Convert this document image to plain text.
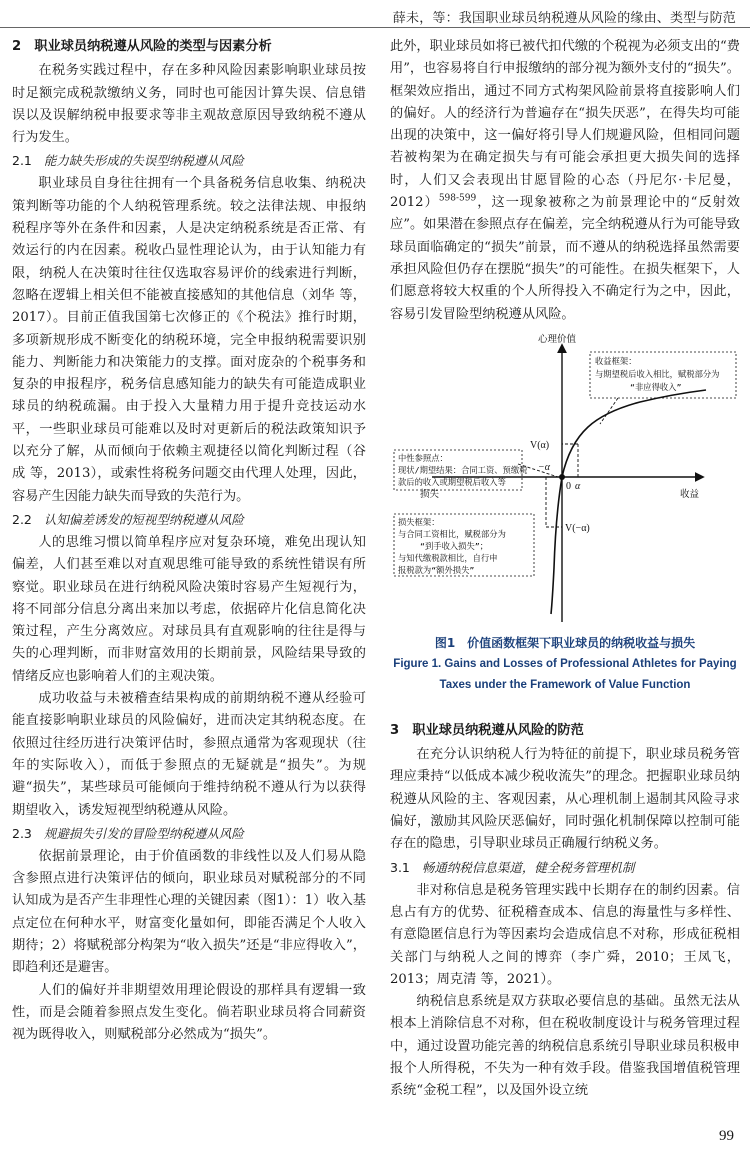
薛未，等：我国职业球员纳税遵从风险的缘由、类型与防范
2　职业球员纳税遵从风险的类型与因素分析

在税务实践过程中，存在多种风险因素影响职业球员按时足额完成税款缴纳义务，同时也可能因计算失误、信息错误以及误解纳税申报要求等非主观故意原因导致纳税不遵从行为发生。

2.1 能力缺失形成的失误型纳税遵从风险

职业球员自身往往拥有一个具备税务信息收集、纳税决策判断等功能的个人纳税管理系统。较之法律法规、申报纳税程序等外在条件和因素，人是决定纳税系统是否正常、有效运行的内在因素。税收凸显性理论认为，由于认知能力有限，纳税人在决策时往往仅选取容易评价的线索进行判断，忽略在逻辑上相关但不能被直接感知的其他信息（刘华 等，2017）。目前正值我国第七次修正的《个税法》推行时期，多项新规形成不断变化的纳税环境，完全申报纳税需要识别能力、判断能力和决策能力的支撑。面对庞杂的个税事务和复杂的申报程序，税务信息感知能力的缺失有可能造成职业球员的纳税疏漏。由于投入大量精力用于提升竞技运动水平，一些职业球员可能难以及时对更新后的税法政策知识予以充分了解，从而倾向于依赖主观捷径以简化判断过程（谷成 等，2013），或索性将税务问题交由代理人处理，因此，容易产生因能力缺失而导致的失范行为。

2.2 认知偏差诱发的短视型纳税遵从风险

人的思维习惯以简单程序应对复杂环境，难免出现认知偏差，人们甚至难以对直观思维可能导致的系统性错误有所察觉。职业球员在进行纳税风险决策时容易产生短视行为，将不同部分信息分离出来加以考虑，依据碎片化信息简化决策过程，产生分离效应。对球员具有直观影响的往往是得与失的心理判断，而非财富效用的长期前景，风险结果导致的情绪反应也影响着人们的主观决策。

成功收益与未被稽查结果构成的前期纳税不遵从经验可能直接影响职业球员的风险偏好，进而决定其纳税态度。在依照过往经历进行决策评估时，参照点通常为客观现状（往年的实际收入），而低于参照点的无疑就是“损失”。为规避“损失”，某些球员可能倾向于维持纳税不遵从行为以获得期望收入，诱发短视型纳税遵从风险。

2.3 规避损失引发的冒险型纳税遵从风险

依据前景理论，由于价值函数的非线性以及人们易从隐含参照点进行决策评估的倾向，职业球员对赋税部分的不同认知成为是否产生非理性心理的关键因素（图1）：1）收入基点定位在何种水平，财富变化量如何，即能否满足个人收入期待；2）将赋税部分构架为“收入损失”还是“非应得收入”，即趋利还是避害。

人们的偏好并非期望效用理论假设的那样具有逻辑一致性，而是会随着参照点发生变化。倘若职业球员将合同薪资视为既得收入，则赋税部分必然成为“损失”。

此外，职业球员如将已被代扣代缴的个税视为必须支出的“费用”，也容易将自行申报缴纳的部分视为额外支付的“损失”。框架效应指出，通过不同方式构架风险前景将直接影响人们的偏好。人的经济行为普遍存在“损失厌恶”，在得失均可能出现的决策中，这一偏好将引导人们规避风险，但相同问题若被构架为在确定损失与有可能会承担更大损失间的选择时，人们又会表现出甘愿冒险的心态（丹尼尔·卡尼曼，2012）$^{598-599}$，这一现象被称之为前景理论中的“反射效应”。如果潜在参照点存在偏差，完全纳税遵从行为可能导致球员面临确定的“损失”前景，而不遵从的纳税选择虽然需要承担风险但仍存在摆脱“损失”的可能性。在损失框架下，人们愿意将较大权重的个人所得投入不确定行为之中，因此，容易引发冒险型纳税遵从风险。

心理价值
损失	收益
0
V(α)
V(−α)
α
−α
收益框架：
与期望税后收入相比，赋税部分为
“非应得收入”
中性参照点：
现状/期望结果：合同工资、预缴税
款后的收入或期望税后收入等
损失框架：
与合同工资相比，赋税部分为
“到手收入损失”；
与知代缴税款相比，自行申
报税款为“额外损失”
图1　价值函数框架下职业球员的纳税收益与损失
Figure 1. Gains and Losses of Professional Athletes for Paying
Taxes under the Framework of Value Function
3　职业球员纳税遵从风险的防范

在充分认识纳税人行为特征的前提下，职业球员税务管理应秉持“以低成本减少税收流失”的理念。把握职业球员纳税遵从风险的主、客观因素，从心理机制上遏制其风险寻求偏好，激励其风险厌恶偏好，同时强化机制保障以控制可能存在的隐患，引导职业球员正确履行纳税义务。

3.1 畅通纳税信息渠道，健全税务管理机制

非对称信息是税务管理实践中长期存在的制约因素。信息占有方的优势、征税稽查成本、信息的海量性与多样性、有意隐匿信息行为等因素均会造成信息不对称，形成征税相关部门与纳税人之间的博弈（李广舜，2010；王凤飞，2013；周克清 等，2021）。

纳税信息系统是双方获取必要信息的基础。虽然无法从根本上消除信息不对称，但在税收制度设计与税务管理过程中，通过设置功能完善的纳税信息系统引导职业球员积极申报个人所得税，不失为一种有效手段。借鉴我国增值税管理系统“金税工程”，以及国外设立统

99
